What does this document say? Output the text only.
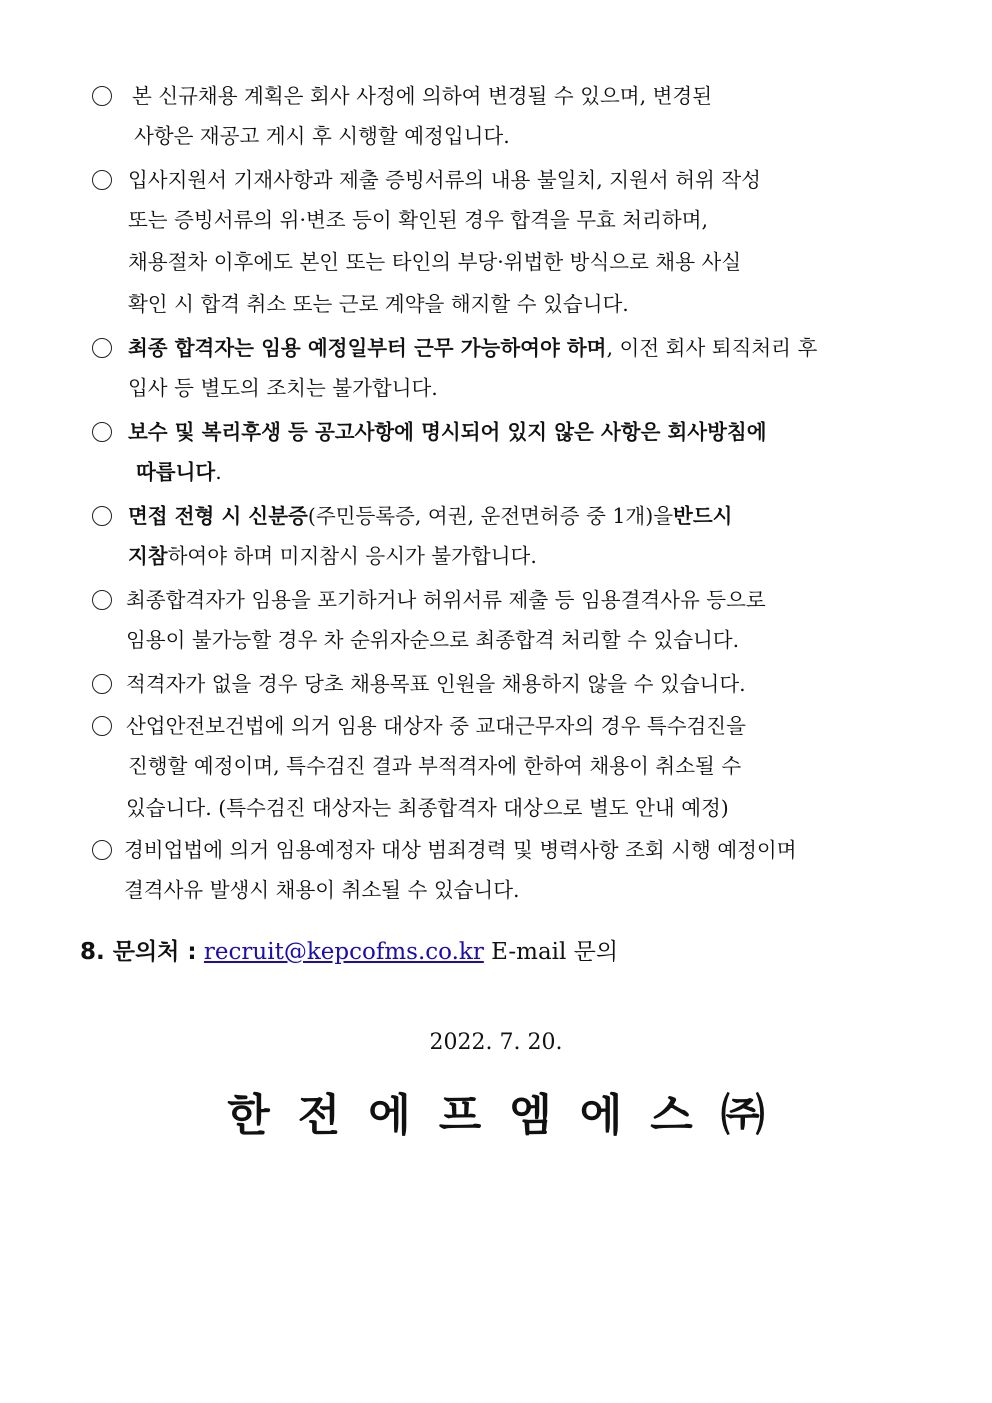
본 신규채용 계획은 회사 사정에 의하여 변경될 수 있으며, 변경된
사항은 재공고 게시 후 시행할 예정입니다.
입사지원서 기재사항과 제출 증빙서류의 내용 불일치, 지원서 허위 작성
또는 증빙서류의 위·변조 등이 확인된 경우 합격을 무효 처리하며,
채용절차 이후에도 본인 또는 타인의 부당·위법한 방식으로 채용 사실
확인 시 합격 취소 또는 근로 계약을 해지할 수 있습니다.
최종 합격자는 임용 예정일부터 근무 가능하여야 하며 , 이전 회사 퇴직처리 후
입사 등 별도의 조치는 불가합니다.
보수 및 복리후생 등 공고사항에 명시되어 있지 않은 사항은 회사방침에
따릅니다 .
면접 전형 시 신분증 (주민등록증, 여권, 운전면허증 중 1개)을 반드시
지참 하여야 하며 미지참시 응시가 불가합니다.
최종합격자가 임용을 포기하거나 허위서류 제출 등 임용결격사유 등으로
임용이 불가능할 경우 차 순위자순으로 최종합격 처리할 수 있습니다.
적격자가 없을 경우 당초 채용목표 인원을 채용하지 않을 수 있습니다.
산업안전보건법에 의거 임용 대상자 중 교대근무자의 경우 특수검진을
진행할 예정이며, 특수검진 결과 부적격자에 한하여 채용이 취소될 수
있습니다. (특수검진 대상자는 최종합격자 대상으로 별도 안내 예정)
경비업법에 의거 임용예정자 대상 범죄경력 및 병력사항 조회 시행 예정이며
결격사유 발생시 채용이 취소될 수 있습니다.
8. 문의처 : recruit@kepcofms.co.kr E-mail 문의
2022. 7. 20.
한전에프엠에스㈜
